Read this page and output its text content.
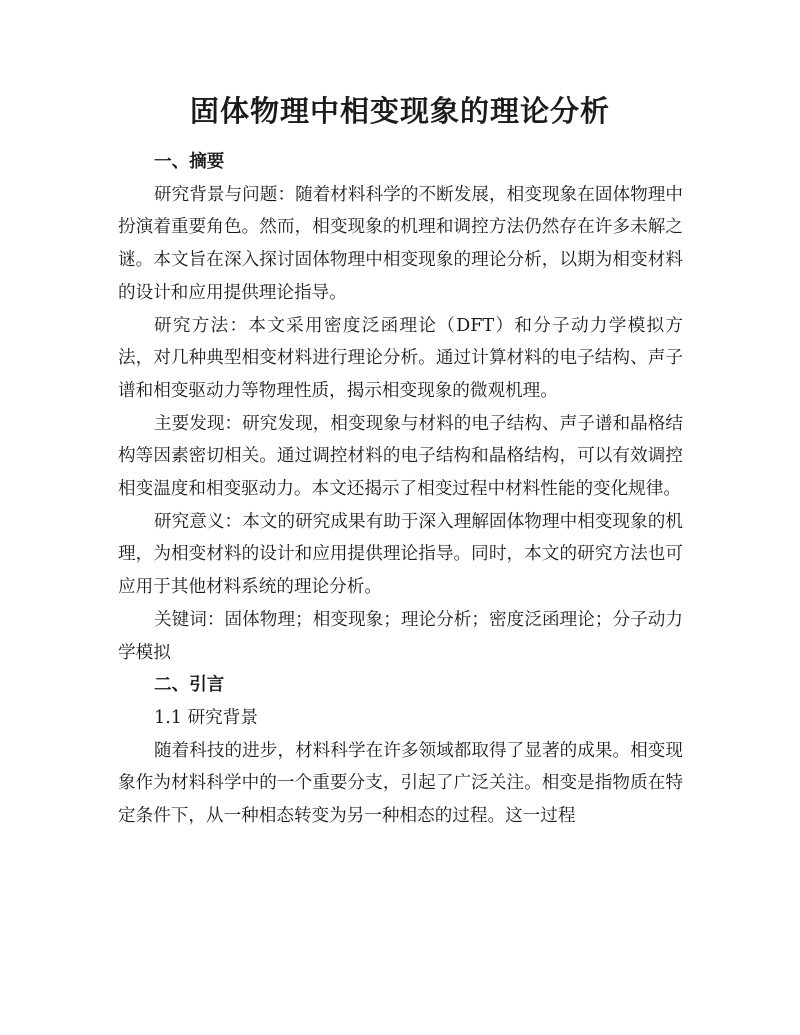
固体物理中相变现象的理论分析
一、摘要

研究背景与问题：随着材料科学的不断发展，相变现象在固体物理中扮演着重要角色。然而，相变现象的机理和调控方法仍然存在许多未解之谜。本文旨在深入探讨固体物理中相变现象的理论分析，以期为相变材料的设计和应用提供理论指导。

研究方法：本文采用密度泛函理论（DFT）和分子动力学模拟方法，对几种典型相变材料进行理论分析。通过计算材料的电子结构、声子谱和相变驱动力等物理性质，揭示相变现象的微观机理。

主要发现：研究发现，相变现象与材料的电子结构、声子谱和晶格结构等因素密切相关。通过调控材料的电子结构和晶格结构，可以有效调控相变温度和相变驱动力。本文还揭示了相变过程中材料性能的变化规律。

研究意义：本文的研究成果有助于深入理解固体物理中相变现象的机理，为相变材料的设计和应用提供理论指导。同时，本文的研究方法也可应用于其他材料系统的理论分析。

关键词：固体物理；相变现象；理论分析；密度泛函理论；分子动力学模拟

二、引言
1.1 研究背景

随着科技的进步，材料科学在许多领域都取得了显著的成果。相变现象作为材料科学中的一个重要分支，引起了广泛关注。相变是指物质在特定条件下，从一种相态转变为另一种相态的过程。这一过程
